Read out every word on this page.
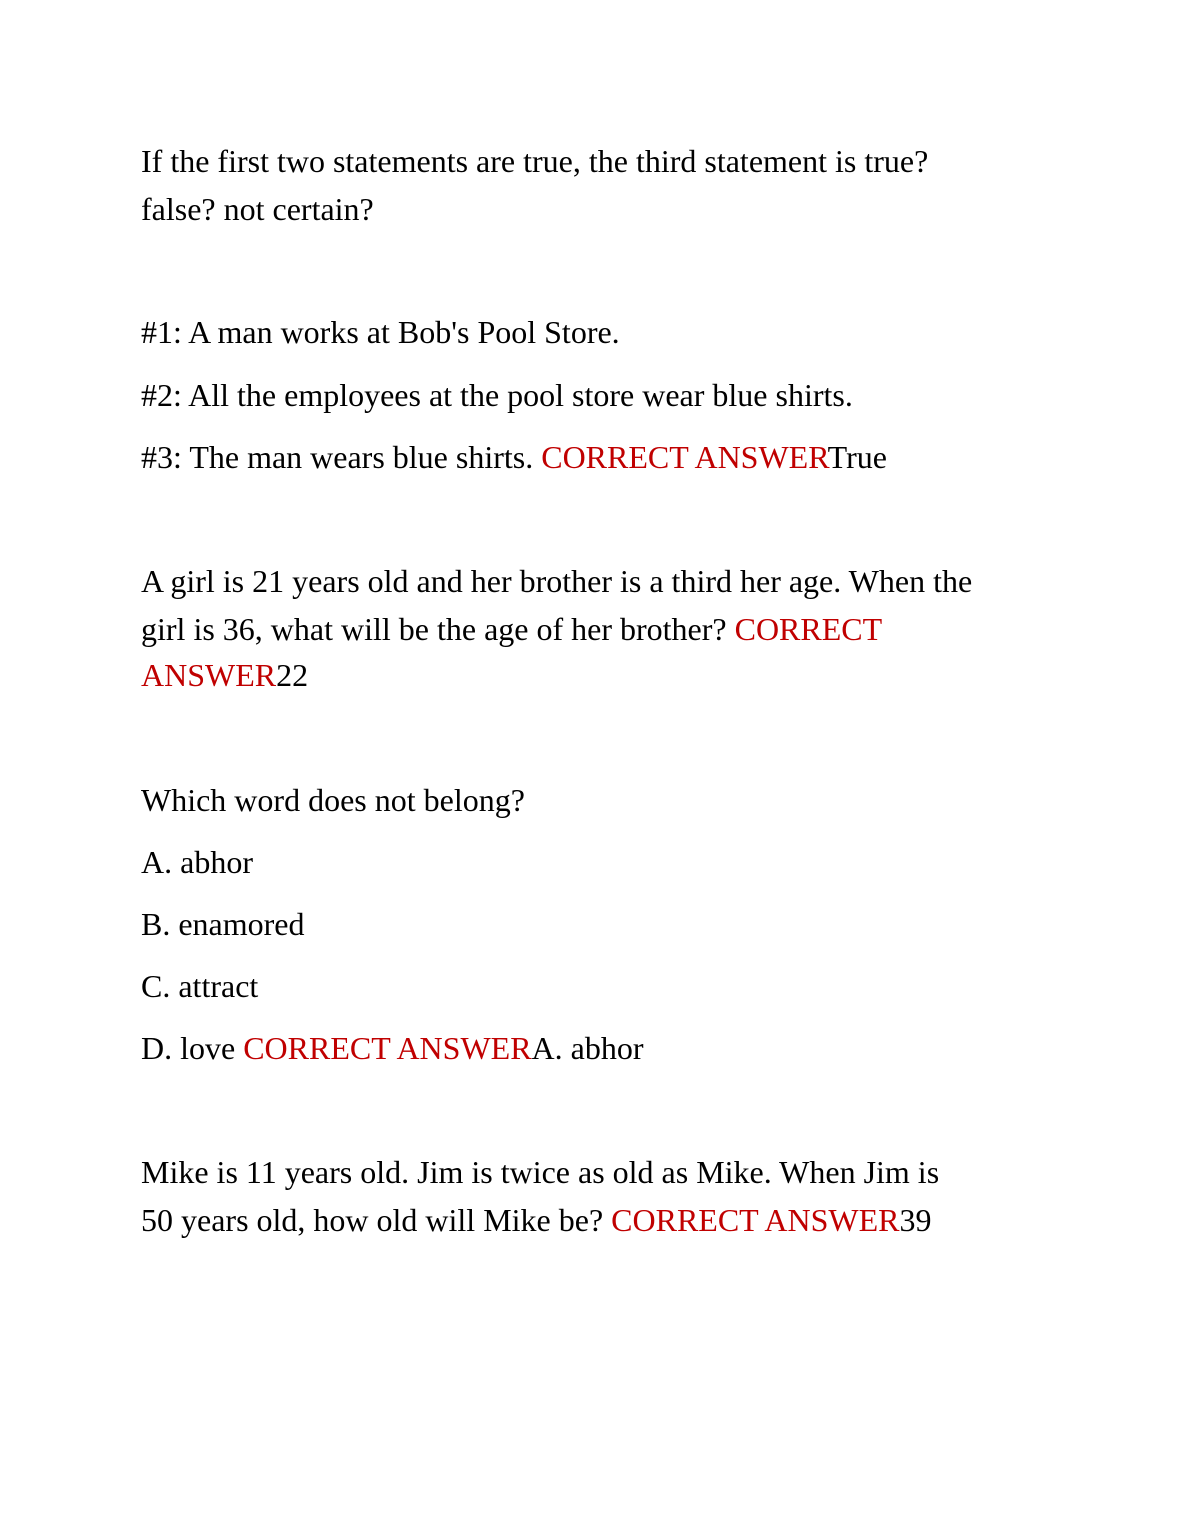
If the first two statements are true, the third statement is true?
false? not certain?
#1: A man works at Bob's Pool Store.
#2: All the employees at the pool store wear blue shirts.
#3: The man wears blue shirts. CORRECT ANSWERTrue
A girl is 21 years old and her brother is a third her age. When the
girl is 36, what will be the age of her brother? CORRECT
ANSWER22
Which word does not belong?
A. abhor
B. enamored
C. attract
D. love CORRECT ANSWERA. abhor
Mike is 11 years old. Jim is twice as old as Mike. When Jim is
50 years old, how old will Mike be? CORRECT ANSWER39
